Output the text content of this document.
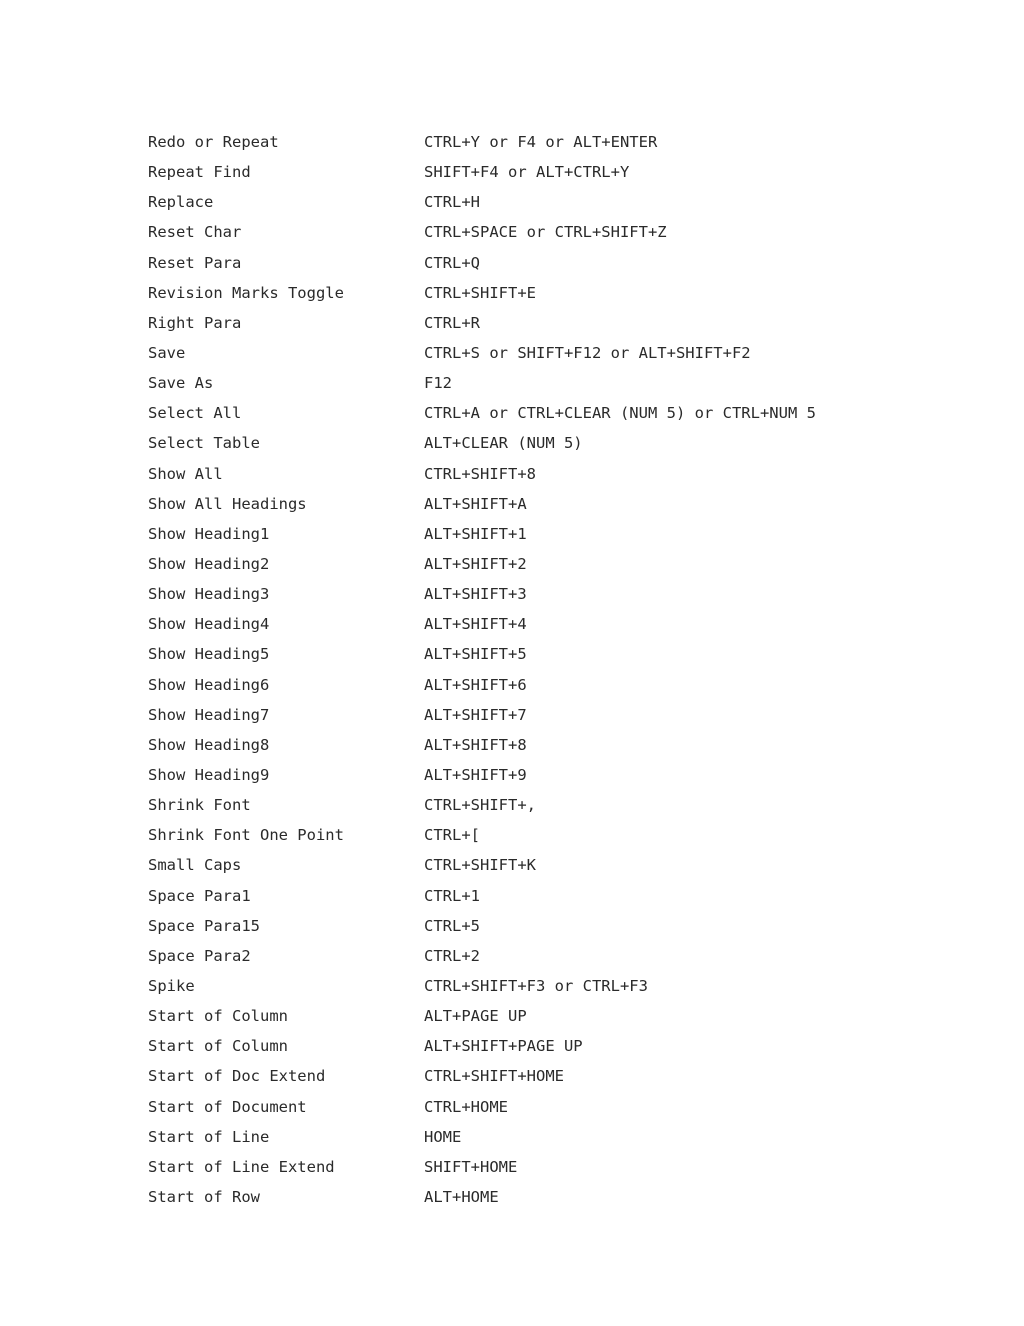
Redo or Repeat	CTRL+Y or F4 or ALT+ENTER
Repeat Find	SHIFT+F4 or ALT+CTRL+Y
Replace	CTRL+H
Reset Char	CTRL+SPACE or CTRL+SHIFT+Z
Reset Para	CTRL+Q
Revision Marks Toggle	CTRL+SHIFT+E
Right Para	CTRL+R
Save	CTRL+S or SHIFT+F12 or ALT+SHIFT+F2
Save As	F12
Select All	CTRL+A or CTRL+CLEAR (NUM 5) or CTRL+NUM 5
Select Table	ALT+CLEAR (NUM 5)
Show All	CTRL+SHIFT+8
Show All Headings	ALT+SHIFT+A
Show Heading1	ALT+SHIFT+1
Show Heading2	ALT+SHIFT+2
Show Heading3	ALT+SHIFT+3
Show Heading4	ALT+SHIFT+4
Show Heading5	ALT+SHIFT+5
Show Heading6	ALT+SHIFT+6
Show Heading7	ALT+SHIFT+7
Show Heading8	ALT+SHIFT+8
Show Heading9	ALT+SHIFT+9
Shrink Font	CTRL+SHIFT+,
Shrink Font One Point	CTRL+[
Small Caps	CTRL+SHIFT+K
Space Para1	CTRL+1
Space Para15	CTRL+5
Space Para2	CTRL+2
Spike	CTRL+SHIFT+F3 or CTRL+F3
Start of Column	ALT+PAGE UP
Start of Column	ALT+SHIFT+PAGE UP
Start of Doc Extend	CTRL+SHIFT+HOME
Start of Document	CTRL+HOME
Start of Line	HOME
Start of Line Extend	SHIFT+HOME
Start of Row	ALT+HOME
